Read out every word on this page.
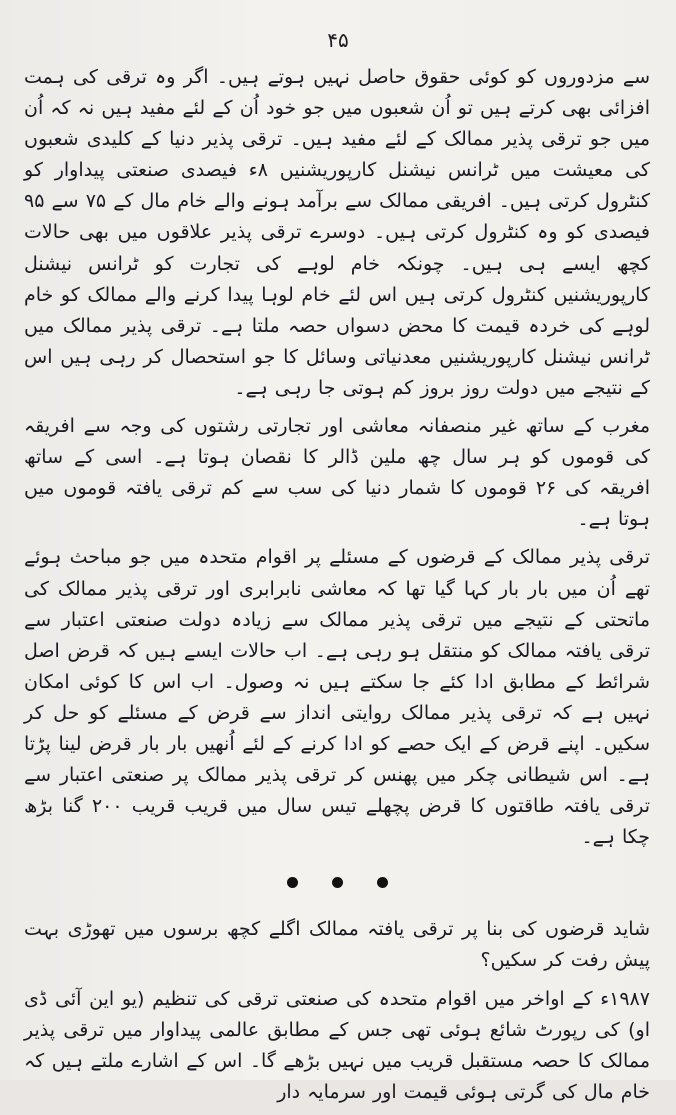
۴۵

سے مزدوروں کو کوئی حقوق حاصل نہیں ہوتے ہیں۔ اگر وہ ترقی کی ہمت افزائی بھی کرتے ہیں تو اُن شعبوں میں جو خود اُن کے لئے مفید ہیں نہ کہ اُن میں جو ترقی پذیر ممالک کے لئے مفید ہیں۔ ترقی پذیر دنیا کے کلیدی شعبوں کی معیشت میں ٹرانس نیشنل کارپوریشنیں ۸ء فیصدی صنعتی پیداوار کو کنٹرول کرتی ہیں۔ افریقی ممالک سے برآمد ہونے والے خام مال کے ۷۵ سے ۹۵ فیصدی کو وہ کنٹرول کرتی ہیں۔ دوسرے ترقی پذیر علاقوں میں بھی حالات کچھ ایسے ہی ہیں۔ چونکہ خام لوہے کی تجارت کو ٹرانس نیشنل کارپوریشنیں کنٹرول کرتی ہیں اس لئے خام لوہا پیدا کرنے والے ممالک کو خام لوہے کی خردہ قیمت کا محض دسواں حصہ ملتا ہے۔ ترقی پذیر ممالک میں ٹرانس نیشنل کارپوریشنیں معدنیاتی وسائل کا جو استحصال کر رہی ہیں اس کے نتیجے میں دولت روز بروز کم ہوتی جا رہی ہے۔

مغرب کے ساتھ غیر منصفانہ معاشی اور تجارتی رشتوں کی وجہ سے افریقہ کی قوموں کو ہر سال چھ ملین ڈالر کا نقصان ہوتا ہے۔ اسی کے ساتھ افریقہ کی ۲۶ قوموں کا شمار دنیا کی سب سے کم ترقی یافتہ قوموں میں ہوتا ہے۔

ترقی پذیر ممالک کے قرضوں کے مسئلے پر اقوام متحدہ میں جو مباحث ہوئے تھے اُن میں بار بار کہا گیا تھا کہ معاشی نابرابری اور ترقی پذیر ممالک کی ماتحتی کے نتیجے میں ترقی پذیر ممالک سے زیادہ دولت صنعتی اعتبار سے ترقی یافتہ ممالک کو منتقل ہو رہی ہے۔ اب حالات ایسے ہیں کہ قرض اصل شرائط کے مطابق ادا کئے جا سکتے ہیں نہ وصول۔ اب اس کا کوئی امکان نہیں ہے کہ ترقی پذیر ممالک روایتی انداز سے قرض کے مسئلے کو حل کر سکیں۔ اپنے قرض کے ایک حصے کو ادا کرنے کے لئے اُنھیں بار بار قرض لینا پڑتا ہے۔ اس شیطانی چکر میں پھنس کر ترقی پذیر ممالک پر صنعتی اعتبار سے ترقی یافتہ طاقتوں کا قرض پچھلے تیس سال میں قریب قریب ۲۰۰ گنا بڑھ چکا ہے۔

شاید قرضوں کی بنا پر ترقی یافتہ ممالک اگلے کچھ برسوں میں تھوڑی بہت پیش رفت کر سکیں؟

۱۹۸۷ء کے اواخر میں اقوام متحدہ کی صنعتی ترقی کی تنظیم (یو این آئی ڈی او) کی رپورٹ شائع ہوئی تھی جس کے مطابق عالمی پیداوار میں ترقی پذیر ممالک کا حصہ مستقبل قریب میں نہیں بڑھے گا۔ اس کے اشارے ملتے ہیں کہ خام مال کی گرتی ہوئی قیمت اور سرمایہ دار
